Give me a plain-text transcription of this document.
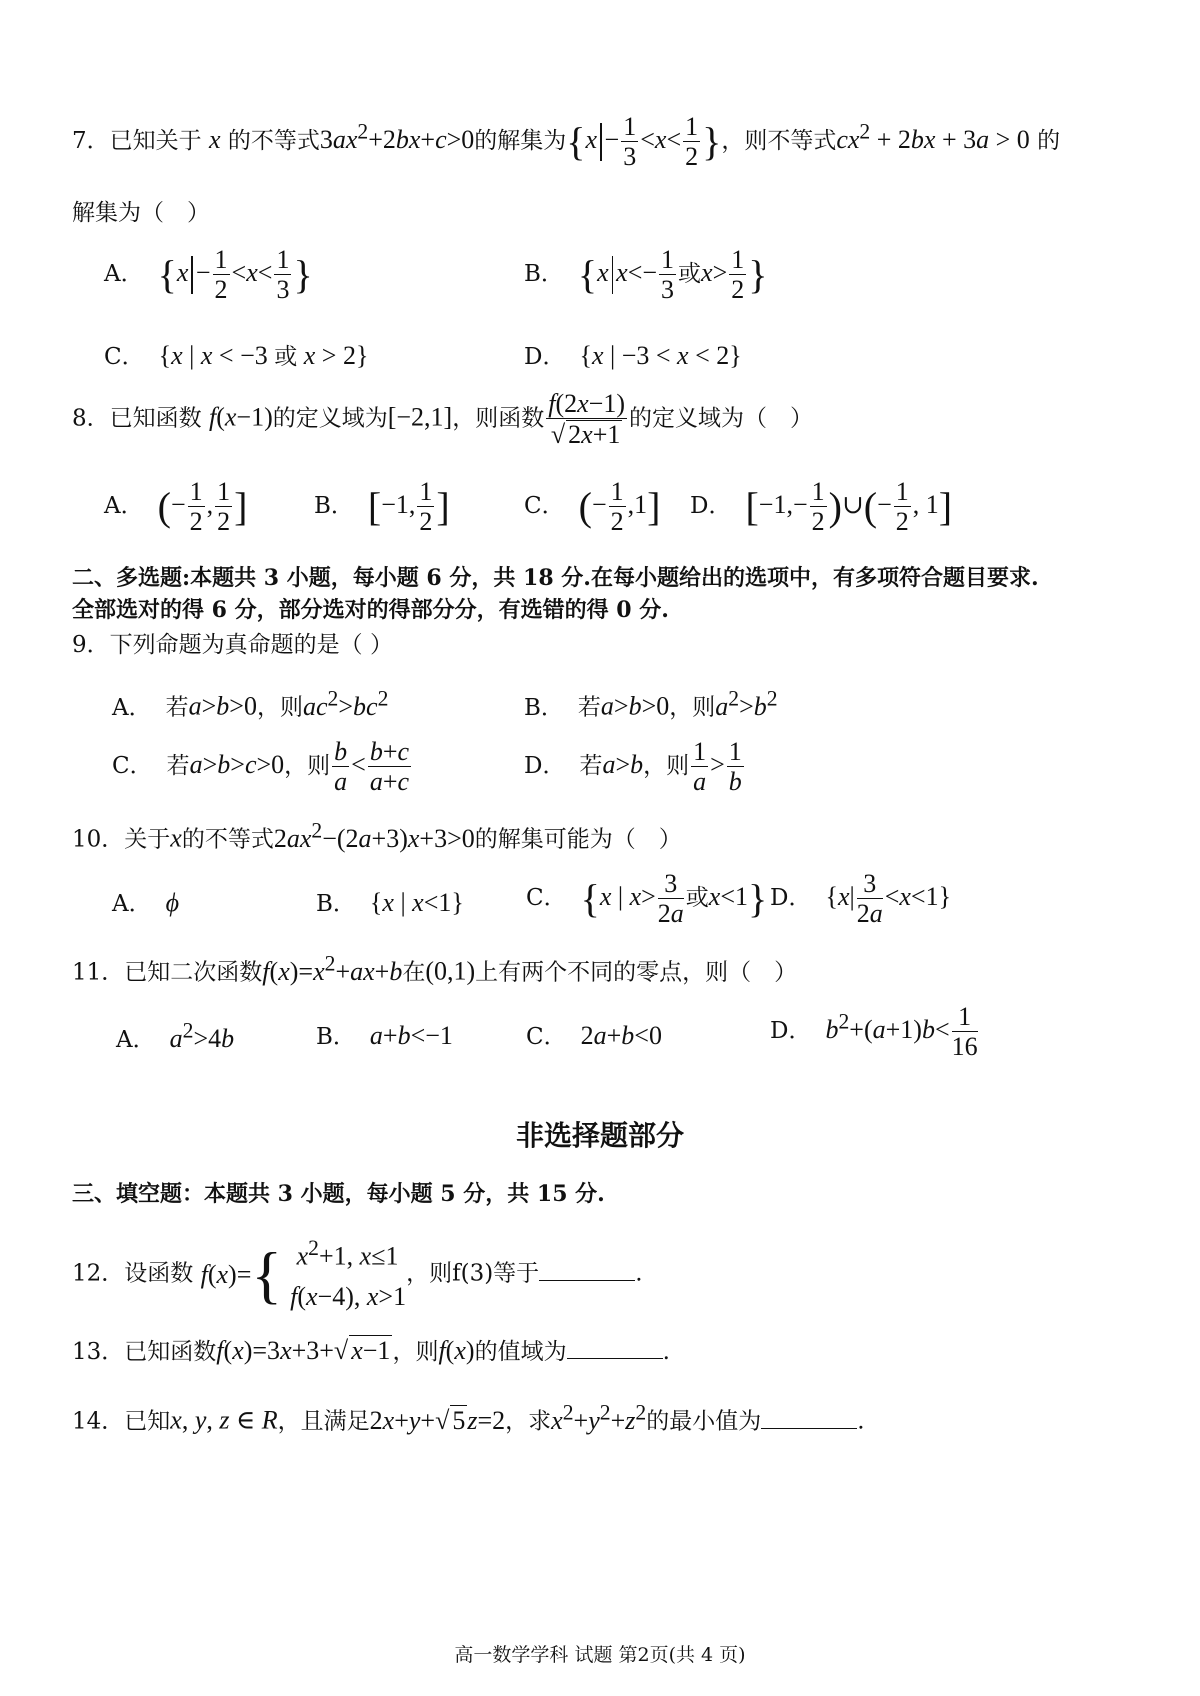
7．已知关于 x 的不等式$3ax^2+2bx+c>0$的解集为{$x - \frac{1}{3} <x< \frac{1}{2}$ }，则不等式$cx^2 + 2bx + 3a > 0$ 的
解集为（　）
A． {$x - \frac{1}{2} <x< \frac{1}{3}$ }	B． {x $x<- \frac{1}{3}$ 或$x> \frac{1}{2}$ }
C． {x | x < −3 或 x > 2}	D． {x | −3 < x < 2}
8．已知函数 f(x−1)的定义域为[−2,1]，则函数 $\frac{f(2x-1)}{√ 2x+1}$ 的定义域为（　）
A． (− $\frac{1}{2}$ , $\frac{1}{2}$ ]	B． [−1, $\frac{1}{2}$ ]	C． (− $\frac{1}{2} ,1$] D． [$-1,- \frac{1}{2}$ )∪(− $\frac{1}{2}$ , 1]
二、多选题:本题共 3 小题，每小题 6 分，共 18 分.在每小题给出的选项中，有多项符合题目要求.
全部选对的得 6 分，部分选对的得部分分，有选错的得 0 分.
9．下列命题为真命题的是（ ）
A． 若a>b>0，则$ac^2>bc^2$	B． 若a>b>0，则$a^2>b^2$
C． 若a>b>c>0，则 $\frac{b}{a} < \frac{b+c}{a+c}$	D． 若a>b，则 $\frac{1}{a} > \frac{1}{b}$
10．关于x的不等式$2ax^2-(2a+3)x+3>0$的解集可能为（　）
A． ϕ	B． {x | x<1}	C． {x | $x> \frac{3}{2a}$ 或x<1} D． $\{x| \frac{3}{2a} <x<1\}$
11．已知二次函数$f(x)=x^2+ax+b$在(0,1)上有两个不同的零点，则（　）
A． $a^2>4b$	B． a+b<−1	C． 2a+b<0	D． $b^2+(a+1)b< \frac{1}{16}$
非选择题部分
三、填空题：本题共 3 小题，每小题 5 分，共 15 分.
12．设函数 f ( x )= { $x^2+1$, x≤1
f(x−4), x>1
，则f(3)等于	.
13．已知函数f(x)=3x+3+√ x−1，则f(x)的值域为	.
14．已知x, y, z ∈ R，且满足2x+y+√ 5z=2，求$x^2+y^2+z^2$的最小值为	.
高一数学学科 试题 第2页(共 4 页)
